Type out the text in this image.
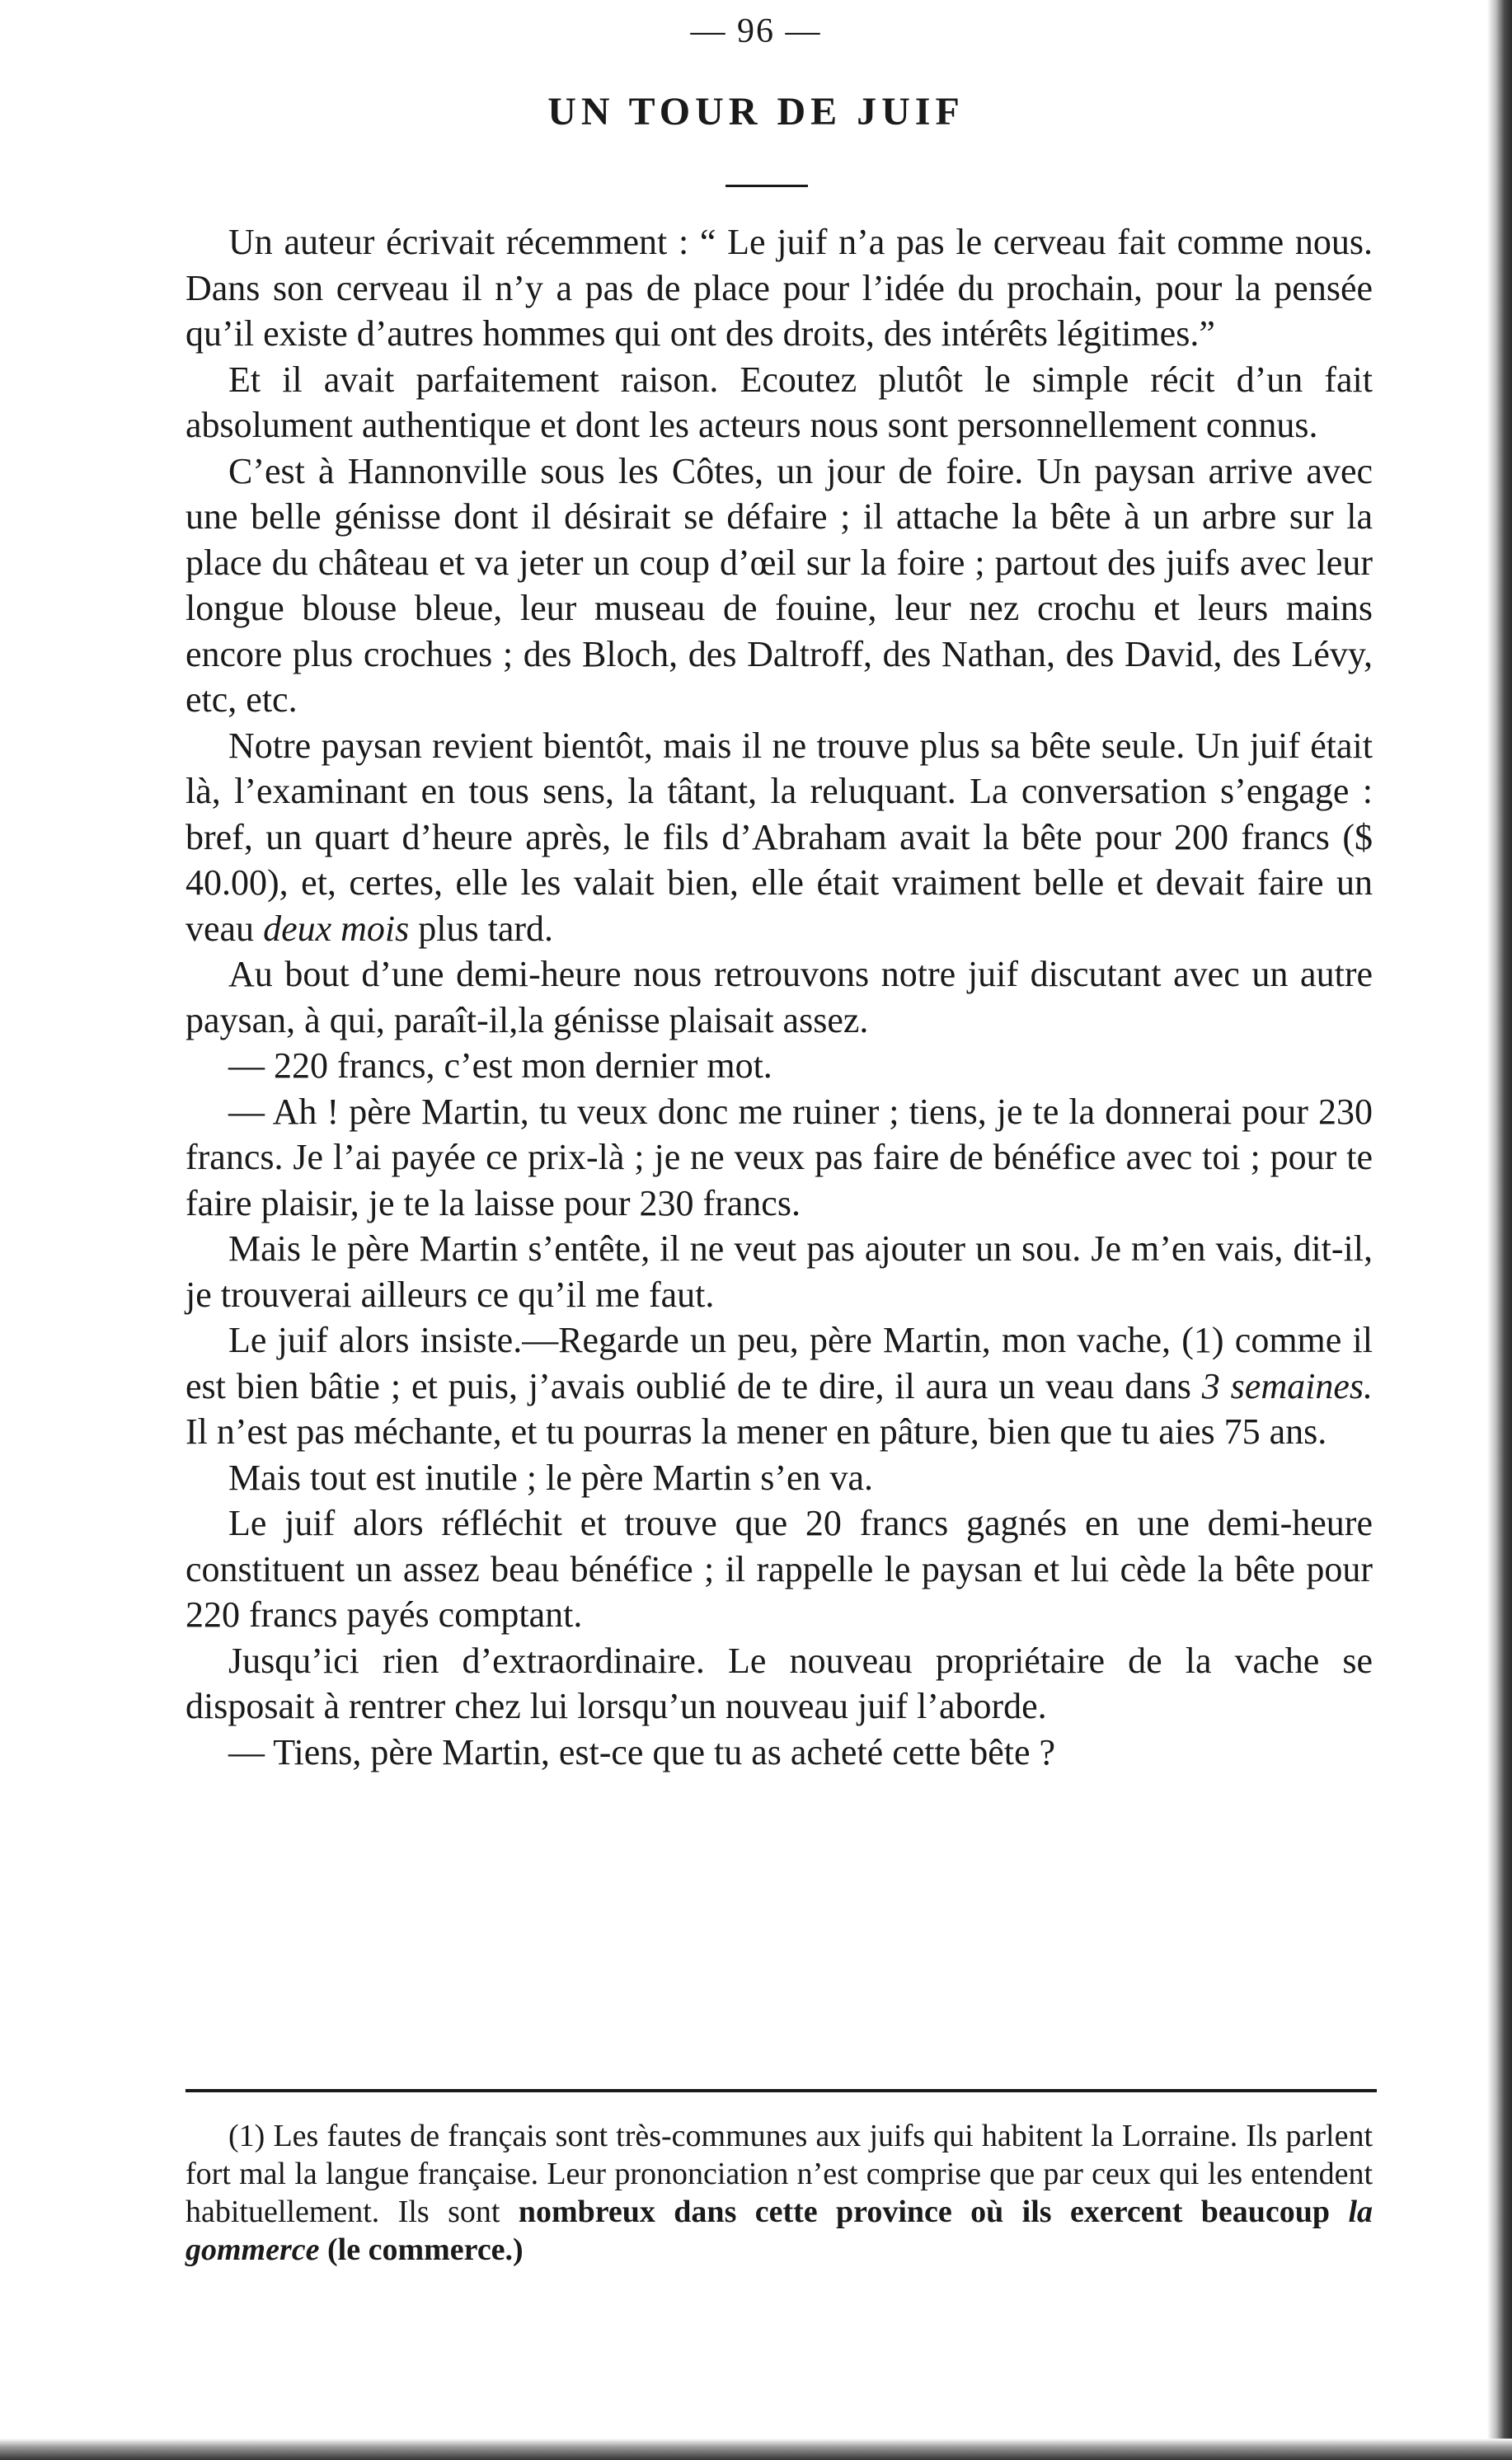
— 96 —
UN TOUR DE JUIF

Un auteur écrivait récemment : “ Le juif n’a pas le cerveau fait comme nous. Dans son cerveau il n’y a pas de place pour l’idée du prochain, pour la pensée qu’il existe d’autres hommes qui ont des droits, des intérêts légitimes.”

Et il avait parfaitement raison. Ecoutez plutôt le simple récit d’un fait absolument authentique et dont les acteurs nous sont personnellement connus.

C’est à Hannonville sous les Côtes, un jour de foire. Un paysan arrive avec une belle génisse dont il désirait se défaire ; il attache la bête à un arbre sur la place du château et va jeter un coup d’œil sur la foire ; partout des juifs avec leur longue blouse bleue, leur museau de fouine, leur nez crochu et leurs mains encore plus crochues ; des Bloch, des Daltroff, des Nathan, des David, des Lévy, etc, etc.

Notre paysan revient bientôt, mais il ne trouve plus sa bête seule. Un juif était là, l’examinant en tous sens, la tâtant, la reluquant. La conversation s’engage : bref, un quart d’heure après, le fils d’Abraham avait la bête pour 200 francs ($ 40.00), et, certes, elle les valait bien, elle était vraiment belle et devait faire un veau deux mois plus tard.

Au bout d’une demi-heure nous retrouvons notre juif discutant avec un autre paysan, à qui, paraît-il,la génisse plaisait assez.

— 220 francs, c’est mon dernier mot.

— Ah ! père Martin, tu veux donc me ruiner ; tiens, je te la donnerai pour 230 francs. Je l’ai payée ce prix-là ; je ne veux pas faire de bénéfice avec toi ; pour te faire plaisir, je te la laisse pour 230 francs.

Mais le père Martin s’entête, il ne veut pas ajouter un sou. Je m’en vais, dit-il, je trouverai ailleurs ce qu’il me faut.

Le juif alors insiste.—Regarde un peu, père Martin, mon vache, (1) comme il est bien bâtie ; et puis, j’avais oublié de te dire, il aura un veau dans 3 semaines. Il n’est pas méchante, et tu pourras la mener en pâture, bien que tu aies 75 ans.

Mais tout est inutile ; le père Martin s’en va.

Le juif alors réfléchit et trouve que 20 francs gagnés en une demi-heure constituent un assez beau bénéfice ; il rappelle le paysan et lui cède la bête pour 220 francs payés comptant.

Jusqu’ici rien d’extraordinaire. Le nouveau propriétaire de la vache se disposait à rentrer chez lui lorsqu’un nouveau juif l’aborde.

— Tiens, père Martin, est-ce que tu as acheté cette bête ?

(1) Les fautes de français sont très-communes aux juifs qui habitent la Lorraine. Ils parlent fort mal la langue française. Leur prononciation n’est comprise que par ceux qui les entendent habituellement. Ils sont nombreux dans cette province où ils exercent beaucoup la gommerce (le commerce.)
